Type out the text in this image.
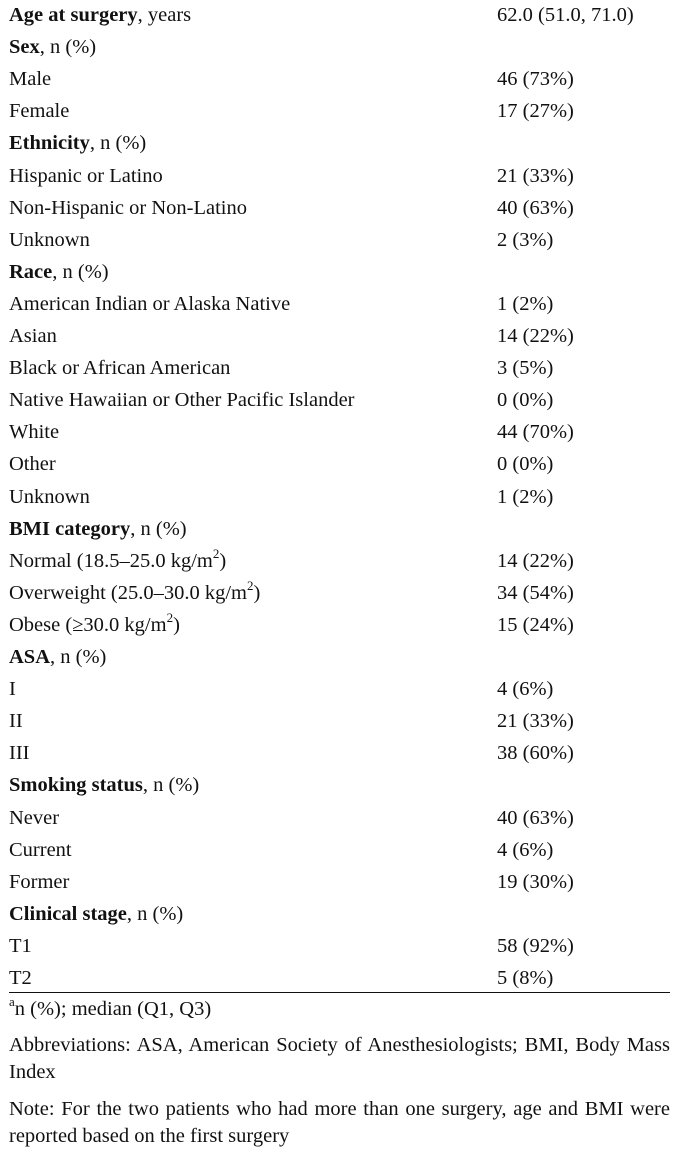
Age at surgery, years	62.0 (51.0, 71.0)
Sex, n (%)
Male	46 (73%)
Female	17 (27%)
Ethnicity, n (%)
Hispanic or Latino	21 (33%)
Non-Hispanic or Non-Latino	40 (63%)
Unknown	2 (3%)
Race, n (%)
American Indian or Alaska Native	1 (2%)
Asian	14 (22%)
Black or African American	3 (5%)
Native Hawaiian or Other Pacific Islander	0 (0%)
White	44 (70%)
Other	0 (0%)
Unknown	1 (2%)
BMI category, n (%)
Normal (18.5–25.0 $kg/m^2$)	14 (22%)
Overweight (25.0–30.0 $kg/m^2$)	34 (54%)
Obese (≥30.0 $kg/m^2$)	15 (24%)
ASA, n (%)
I	4 (6%)
II	21 (33%)
III	38 (60%)
Smoking status, n (%)
Never	40 (63%)
Current	4 (6%)
Former	19 (30%)
Clinical stage, n (%)
T1	58 (92%)
T2	5 (8%)
$^a$n (%); median (Q1, Q3)
Abbreviations: ASA, American Society of Anesthesiologists; BMI, Body Mass Index
Note: For the two patients who had more than one surgery, age and BMI were reported based on the first surgery
